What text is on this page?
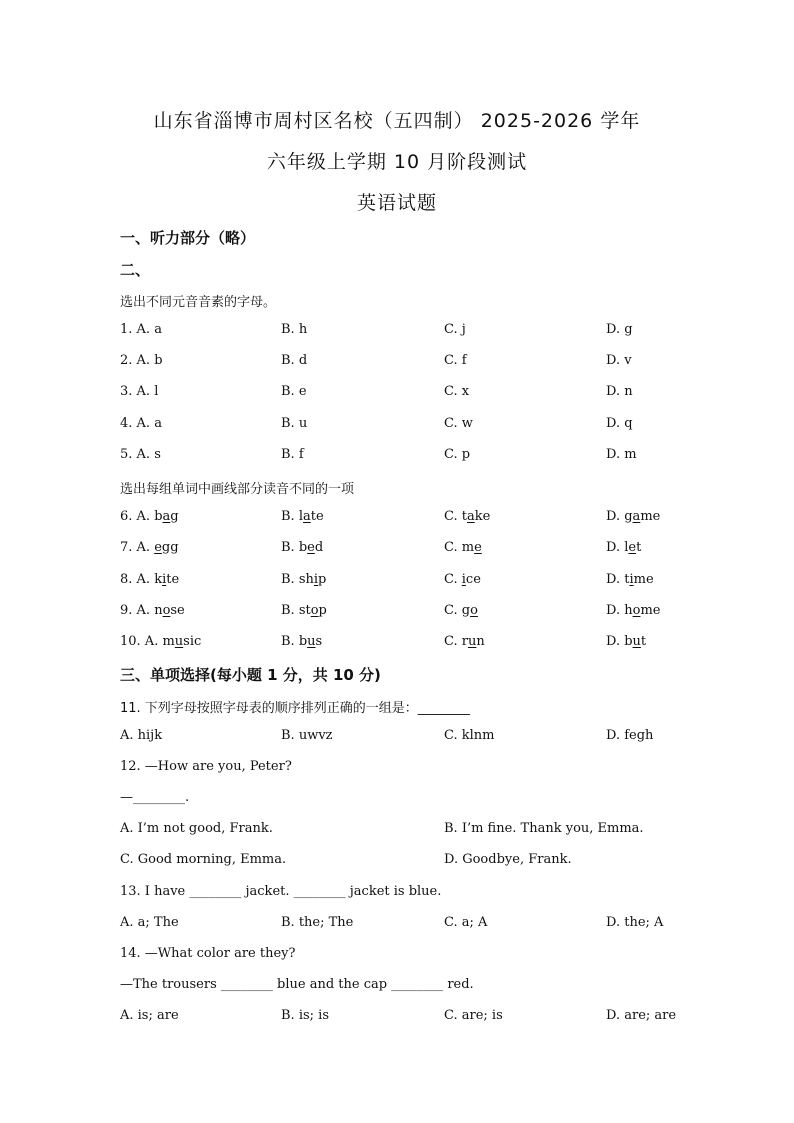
山东省淄博市周村区名校（五四制） 2025-2026 学年
六年级上学期 10 月阶段测试
英语试题
一、听力部分（略）
二、
选出不同元音音素的字母。
1. A. a	B. h	C. j	D. g
2. A. b	B. d	C. f	D. v
3. A. l	B. e	C. x	D. n
4. A. a	B. u	C. w	D. q
5. A. s	B. f	C. p	D. m
选出每组单词中画线部分读音不同的一项
6. A. bag	B. late	C. take	D. game
7. A. egg	B. bed	C. me	D. let
8. A. kite	B. ship	C. ice	D. time
9. A. nose	B. stop	C. go	D. home
10. A. music	B. bus	C. run	D. but
三、单项选择(每小题 1 分，共 10 分)
11. 下列字母按照字母表的顺序排列正确的一组是：________
A. hijk	B. uwvz	C. klnm	D. fegh
12. —How are you, Peter?
—________.
A. I’m not good, Frank.	B. I’m fine. Thank you, Emma.
C. Good morning, Emma.	D. Goodbye, Frank.
13. I have ________ jacket. ________ jacket is blue.
A. a; The	B. the; The	C. a; A	D. the; A
14. —What color are they?
—The trousers ________ blue and the cap ________ red.
A. is; are	B. is; is	C. are; is	D. are; are
